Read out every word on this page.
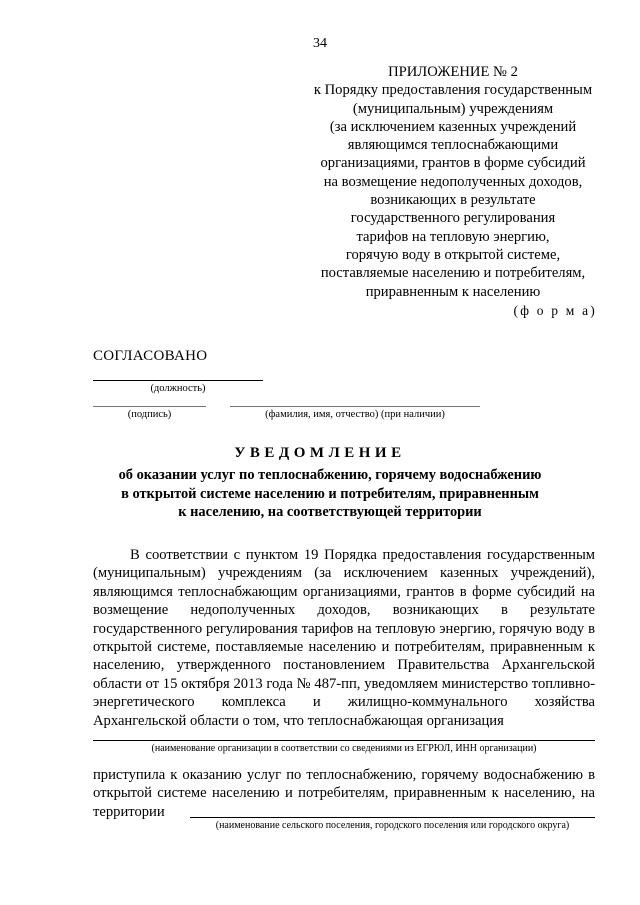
34
ПРИЛОЖЕНИЕ № 2
к Порядку предоставления государственным
(муниципальным) учреждениям
(за исключением казенных учреждений
являющимся теплоснабжающими
организациями, грантов в форме субсидий
на возмещение недополученных доходов,
возникающих в результате
государственного регулирования
тарифов на тепловую энергию,
горячую воду в открытой системе,
поставляемые населению и потребителям,
приравненным к населению
(ф о р м а)
СОГЛАСОВАНО
(должность)
(подпись)	(фамилия, имя, отчество) (при наличии)
УВЕДОМЛЕНИЕ
об оказании услуг по теплоснабжению, горячему водоснабжению
в открытой системе населению и потребителям, приравненным
к населению, на соответствующей территории
В соответствии с пунктом 19 Порядка предоставления государственным (муниципальным) учреждениям (за исключением казенных учреждений), являющимся теплоснабжающим организациями, грантов в форме субсидий на возмещение недополученных доходов, возникающих в результате государственного регулирования тарифов на тепловую энергию, горячую воду в открытой системе, поставляемые населению и потребителям, приравненным к населению, утвержденного постановлением Правительства Архангельской области от 15 октября 2013 года № 487-пп, уведомляем министерство топливно-энергетического комплекса и жилищно-коммунального хозяйства Архангельской области о том, что теплоснабжающая организация
(наименование организации в соответствии со сведениями из ЕГРЮЛ, ИНН организации)
приступила к оказанию услуг по теплоснабжению, горячему водоснабжению в открытой системе населению и потребителям, приравненным к населению, на территории
(наименование сельского поселения, городского поселения или городского округа)
